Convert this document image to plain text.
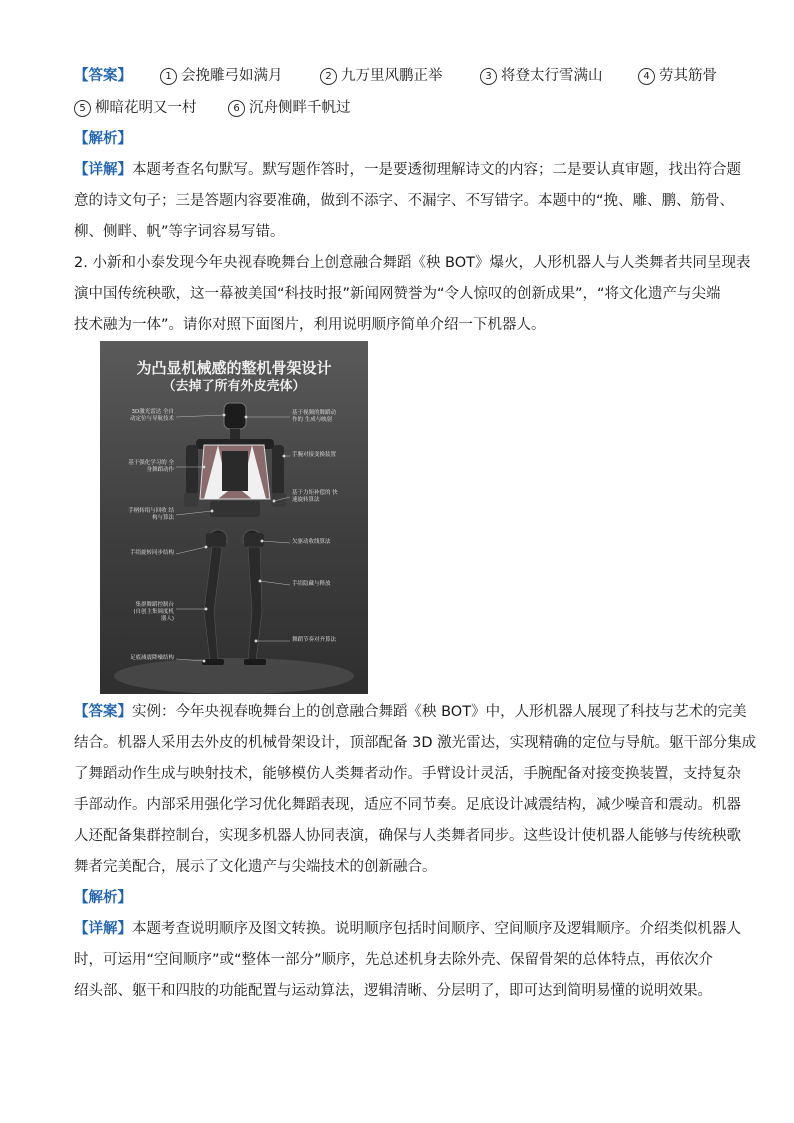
【答案】	1 会挽雕弓如满月	2 九万里风鹏正举	3 将登太行雪满山	4 劳其筋骨
5 柳暗花明又一村	6 沉舟侧畔千帆过
【解析】
【详解】本题考查名句默写。默写题作答时，一是要透彻理解诗文的内容；二是要认真审题，找出符合题
意的诗文句子；三是答题内容要准确，做到不添字、不漏字、不写错字。本题中的“挽、雕、鹏、筋骨、
柳、侧畔、帆”等字词容易写错。
2. 小新和小泰发现今年央视春晚舞台上创意融合舞蹈《秧 BOT》爆火，人形机器人与人类舞者共同呈现表
演中国传统秧歌，这一幕被美国“科技时报”新闻网赞誉为“令人惊叹的创新成果”，“将文化遗产与尖端
技术融为一体”。请你对照下面图片，利用说明顺序简单介绍一下机器人。
为凸显机械感的整机骨架设计
（去掉了所有外皮壳体）
3D激光雷达 全自动定位与导航技术
基于强化学习的 全身舞蹈动作
手柄转绢与回收 结构与算法
手绢旋转同步结构
集群舞蹈控制台 (自创主集调度机器人)
足底减震降噪结构
基于视频的舞蹈动作的 生成与映射
手腕对接变换装置
基于力矩补偿的 快速旋转算法
欠驱动收线算法
手绢隐藏与释放
舞蹈节奏对齐算法
【答案】实例：今年央视春晚舞台上的创意融合舞蹈《秧 BOT》中，人形机器人展现了科技与艺术的完美
结合。机器人采用去外皮的机械骨架设计，顶部配备 3D 激光雷达，实现精确的定位与导航。躯干部分集成
了舞蹈动作生成与映射技术，能够模仿人类舞者动作。手臂设计灵活，手腕配备对接变换装置，支持复杂
手部动作。内部采用强化学习优化舞蹈表现，适应不同节奏。足底设计减震结构，减少噪音和震动。机器
人还配备集群控制台，实现多机器人协同表演，确保与人类舞者同步。这些设计使机器人能够与传统秧歌
舞者完美配合，展示了文化遗产与尖端技术的创新融合。
【解析】
【详解】本题考查说明顺序及图文转换。说明顺序包括时间顺序、空间顺序及逻辑顺序。介绍类似机器人
时，可运用“空间顺序”或“整体一部分”顺序，先总述机身去除外壳、保留骨架的总体特点，再依次介
绍头部、躯干和四肢的功能配置与运动算法，逻辑清晰、分层明了，即可达到简明易懂的说明效果。
